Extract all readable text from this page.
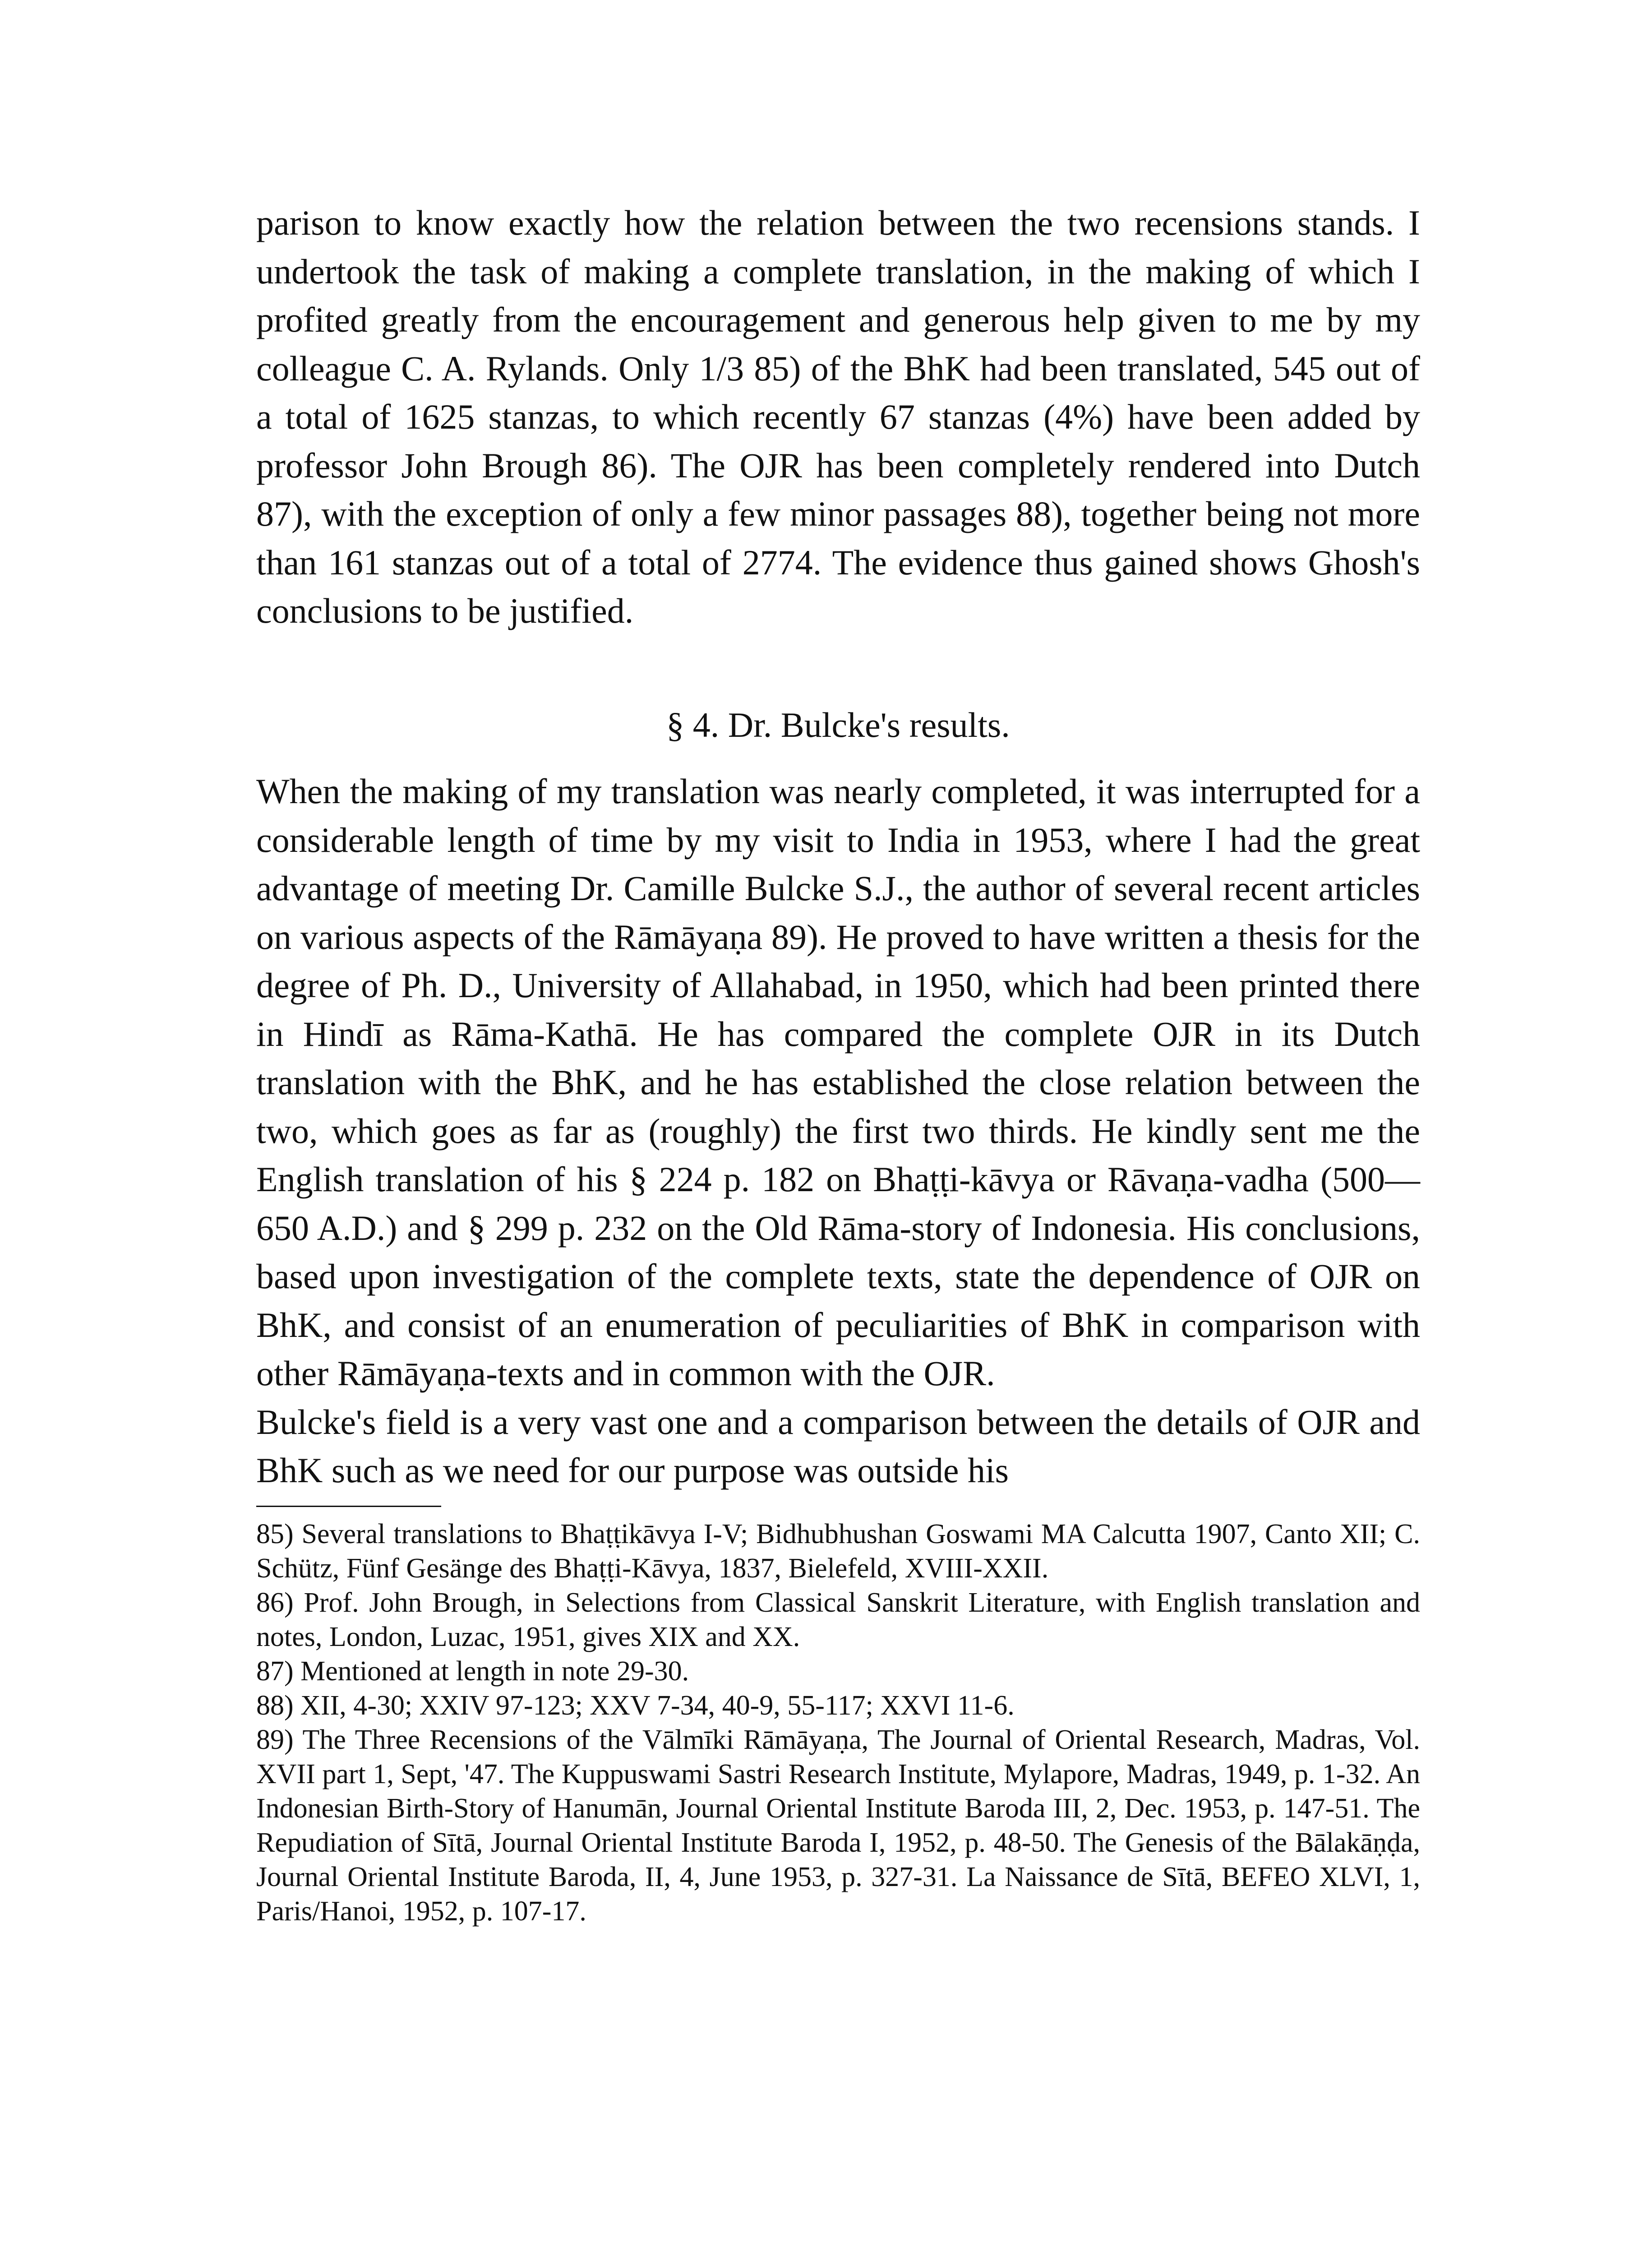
parison to know exactly how the relation between the two recensions stands. I undertook the task of making a complete translation, in the making of which I profited greatly from the encouragement and generous help given to me by my colleague C. A. Rylands. Only 1/3 85) of the BhK had been translated, 545 out of a total of 1625 stanzas, to which recently 67 stanzas (4%) have been added by professor John Brough 86). The OJR has been completely rendered into Dutch 87), with the exception of only a few minor passages 88), together being not more than 161 stanzas out of a total of 2774. The evidence thus gained shows Ghosh's conclusions to be justified.

§ 4. Dr. Bulcke's results.

When the making of my translation was nearly completed, it was interrupted for a considerable length of time by my visit to India in 1953, where I had the great advantage of meeting Dr. Camille Bulcke S.J., the author of several recent articles on various aspects of the Rāmāyaṇa 89). He proved to have written a thesis for the degree of Ph. D., University of Allahabad, in 1950, which had been printed there in Hindī as Rāma-Kathā. He has compared the complete OJR in its Dutch translation with the BhK, and he has established the close relation between the two, which goes as far as (roughly) the first two thirds. He kindly sent me the English translation of his § 224 p. 182 on Bhaṭṭi-kāvya or Rāvaṇa-vadha (500—650 A.D.) and § 299 p. 232 on the Old Rāma-story of Indonesia. His conclusions, based upon investigation of the complete texts, state the dependence of OJR on BhK, and consist of an enumeration of peculiarities of BhK in comparison with other Rāmāyaṇa-texts and in common with the OJR.

Bulcke's field is a very vast one and a comparison between the details of OJR and BhK such as we need for our purpose was outside his

85) Several translations to Bhaṭṭikāvya I-V; Bidhubhushan Goswami MA Calcutta 1907, Canto XII; C. Schütz, Fünf Gesänge des Bhaṭṭi-Kāvya, 1837, Bielefeld, XVIII-XXII.

86) Prof. John Brough, in Selections from Classical Sanskrit Literature, with English translation and notes, London, Luzac, 1951, gives XIX and XX.

87) Mentioned at length in note 29-30.

88) XII, 4-30; XXIV 97-123; XXV 7-34, 40-9, 55-117; XXVI 11-6.

89) The Three Recensions of the Vālmīki Rāmāyaṇa, The Journal of Oriental Research, Madras, Vol. XVII part 1, Sept, '47. The Kuppuswami Sastri Research Institute, Mylapore, Madras, 1949, p. 1-32. An Indonesian Birth-Story of Hanumān, Journal Oriental Institute Baroda III, 2, Dec. 1953, p. 147-51. The Repudiation of Sītā, Journal Oriental Institute Baroda I, 1952, p. 48-50. The Genesis of the Bālakāṇḍa, Journal Oriental Institute Baroda, II, 4, June 1953, p. 327-31. La Naissance de Sītā, BEFEO XLVI, 1, Paris/Hanoi, 1952, p. 107-17.
